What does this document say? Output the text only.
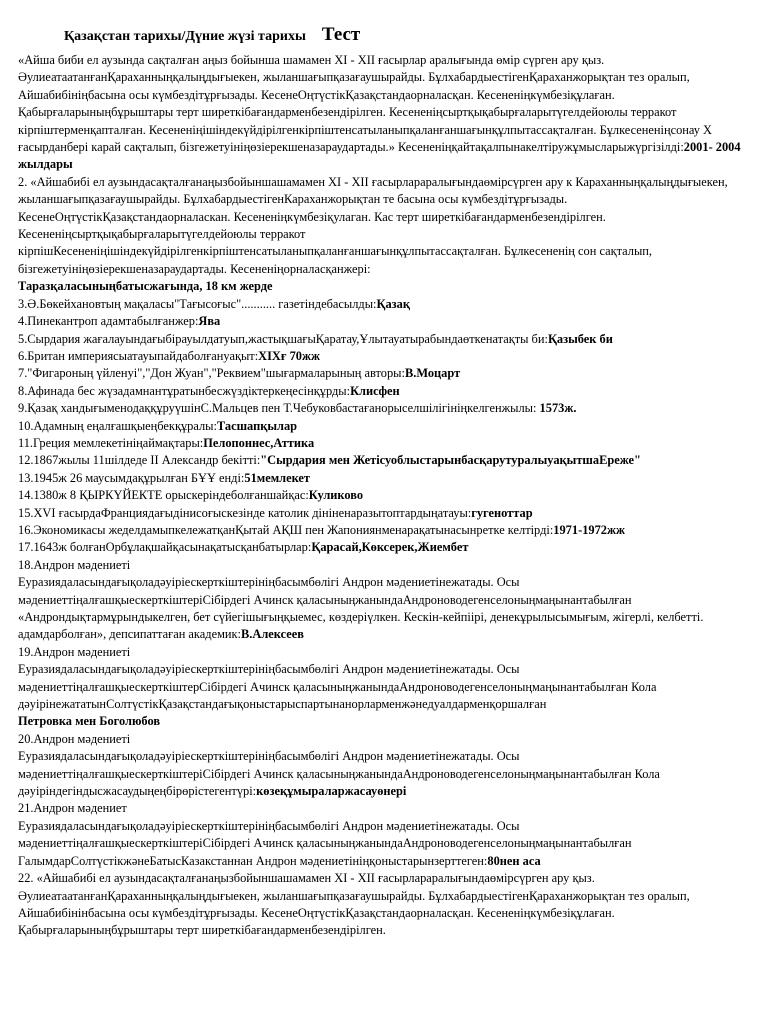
Қазақстан тарихы/Дүние жүзі тарихы Тест

«Айша биби ел аузында сақталған аңыз бойынша шамамен XI - XII ғасырлар аралығында өмір сүрген ару қыз. ӘулиеатаатанғанҚараханныңқалыңдығыекен, жыланшағыпқазағаушырайды. БұлхабардыестігенҚараханжорықтан тез оралып, Айшабибініңбасына осы күмбездітұрғызады. КесенеОңтүстікҚазақстандаорналасқан. Кесененіңкүмбезіқұлаған. Қабырғаларыныңбұрыштары терт ширеткібағандарменбезендірілген. Кесененіңсыртқықабырғаларытүгелдейоюлы терракот кірпіштерменқапталған. Кесененіңішіндекүйдірілгенкірпіштенсатыланыпқаланғаншағынқұлпытассақталған. Бұлкесененіңсонау X ғасырданбері карай сақталып, бізгежетуініңөзіерекшеназараудартады.» Кесененіңқайтақалпынакелтіружұмысларыжүргізілді:2001- 2004 жылдары

2. «Айшабибі ел аузындасақталғанаңызбойыншашамамен XI - XII ғасырлараралығындаөмірсүрген ару к Караханныңқалыңдығыекен, жыланшағыпқазағаушырайды. БұлхабардыестігенКараханжорықтан те басына осы күмбездітұрғызады. КесенеОңтүстікҚазақстандаорналаскан. Кесененіңкүмбезіқулаган. Кас терт ширеткібағандарменбезендірілген. Кесененіңсыртқықабырғаларытүгелдейоюлы терракот кірпішКесененіңішіндекүйдірілгенкірпіштенсатыланыпқаланғаншағынқұлпытассақталған. Бұлкесененің сон сақталып, бізгежетуініңөзіерекшеназараудартады. Кесененіңорналасқанжері:
Таразқаласыныңбатысжағында, 18 км жерде

3.Ә.Бөкейхановтың мақаласы"Тағысоғыс"........... газетіндебасылды:Қазақ

4.Пинекантроп адамтабылғанжер:Ява

5.Сырдария жағалауындағыбірауылдатуып,жастықшағыҚаратау,Ұлытауатырабындаөткенатақты би:Қазыбек би

6.Британ империясыатауыпайдаболғануақыт:XIXғ 70жж

7."Фигароның үйленуі","Дон Жуан","Реквием"шығармаларының авторы:В.Моцарт

8.Афинада бес жүзадамнантұратынбесжүздіктеркеңесінқұрды:Клисфен

9.Қазақ хандығыменодаққұруүшінС.Мальцев пен Т.Чебуковбастағанорыселшілігініңкелгенжылы: 1573ж.

10.Адамның еңалғашқыеңбекқұралы:Тасшапқылар

11.Греция мемлекетініңаймақтары:Пелопоннес,Аттика

12.1867жылы 11шілдеде II Александр бекітті:"Сырдария мен ЖетісуоблыстарынбасқарутуралыуақытшаЕреже"

13.1945ж 26 маусымдақұрылған БҰҰ енді:51мемлекет

14.1380ж 8 ҚЫРКҮЙЕКТЕ орыскеріндеболғаншайқас:Куликово

15.XVI ғасырдаФранциядағыдінисоғыскезінде католик дініненаразытоптардыңатауы:гугеноттар

16.Экономикасы жеделдамыпкележатқанҚытай АҚШ пен Жапониянменарақатынасынретке келтірді:1971-1972жж

17.1643ж болғанОрбұлақшайқасынақатысқанбатырлар:Қарасай,Көксерек,Жиембет

18.Андрон мәдениеті
Еуразиядаласындағықоладәуіріескерткіштерініңбасымбөлігі Андрон мәдениетінежатады. Осы мәдениеттіңалғашқыескерткіштеріСібірдегі Ачинск қаласыныңжанындаАндроноводегенселоныңмаңынантабылған «Андрондықтармұрындыкелген, бет сүйегішығыңқыемес, көздеріүлкен. Кескін-кейпіірі, денекұрылысымығым, жігерлі, келбетті. адамдарболған», депсипаттаған академик:В.Алексеев

19.Андрон мәдениеті
Еуразиядаласындағықоладәуіріескерткіштерініңбасымбөлігі Андрон мәдениетінежатады. Осы мәдениеттіңалғашқыескерткіштерСібірдегі Ачинск қаласыныңжанындаАндроноводегенселоныңмаңынантабылған Кола дәуірінежататынСолтүстікҚазақстандағықоныстарыспартынанорларменжәнедуалдарменқоршалған
Петровка мен Боголюбов

20.Андрон мәдениеті
Еуразиядаласындағықоладәуіріескерткіштерініңбасымбөлігі Андрон мәдениетінежатады. Осы мәдениеттіңалғашқыескерткіштеріСібірдегі Ачинск қаласыныңжанындаАндроноводегенселоныңмаңынантабылған Кола дәуіріндегіндысжасаудыңеңбірөрістегентүрі:көзеқұмыраларжасауөнері

21.Андрон мәдениет
Еуразиядаласындағықоладәуіріескерткіштерініңбасымбөлігі Андрон мәдениетінежатады. Осы мәдениеттіңалғашқыескерткіштеріСібірдегі Ачинск қаласыныңжанындаАндроноводегенселоныңмаңынантабылған ГалымдарСолтүстікжәнеБатысКазакстаннан Андрон мәдениетініңқоныстарынзерттеген:80нен аса

22. «Айшабибі ел аузындасақталғанаңызбойыншашамамен XI - XII ғасырлараралығындаөмірсүрген ару қыз. ӘулиеатаатанғанҚараханныңқалыңдығыекен, жыланшағыпқазағаушырайды. БұлхабардыестігенҚараханжорықтан тез оралып, Айшабибінінбасына осы күмбездітұрғызады. КесенеОңтүстікҚазақстандаорналасқан. Кесененіңкүмбезіқұлаған. Қабырғаларыныңбұрыштары терт ширеткібағандарменбезендірілген.
